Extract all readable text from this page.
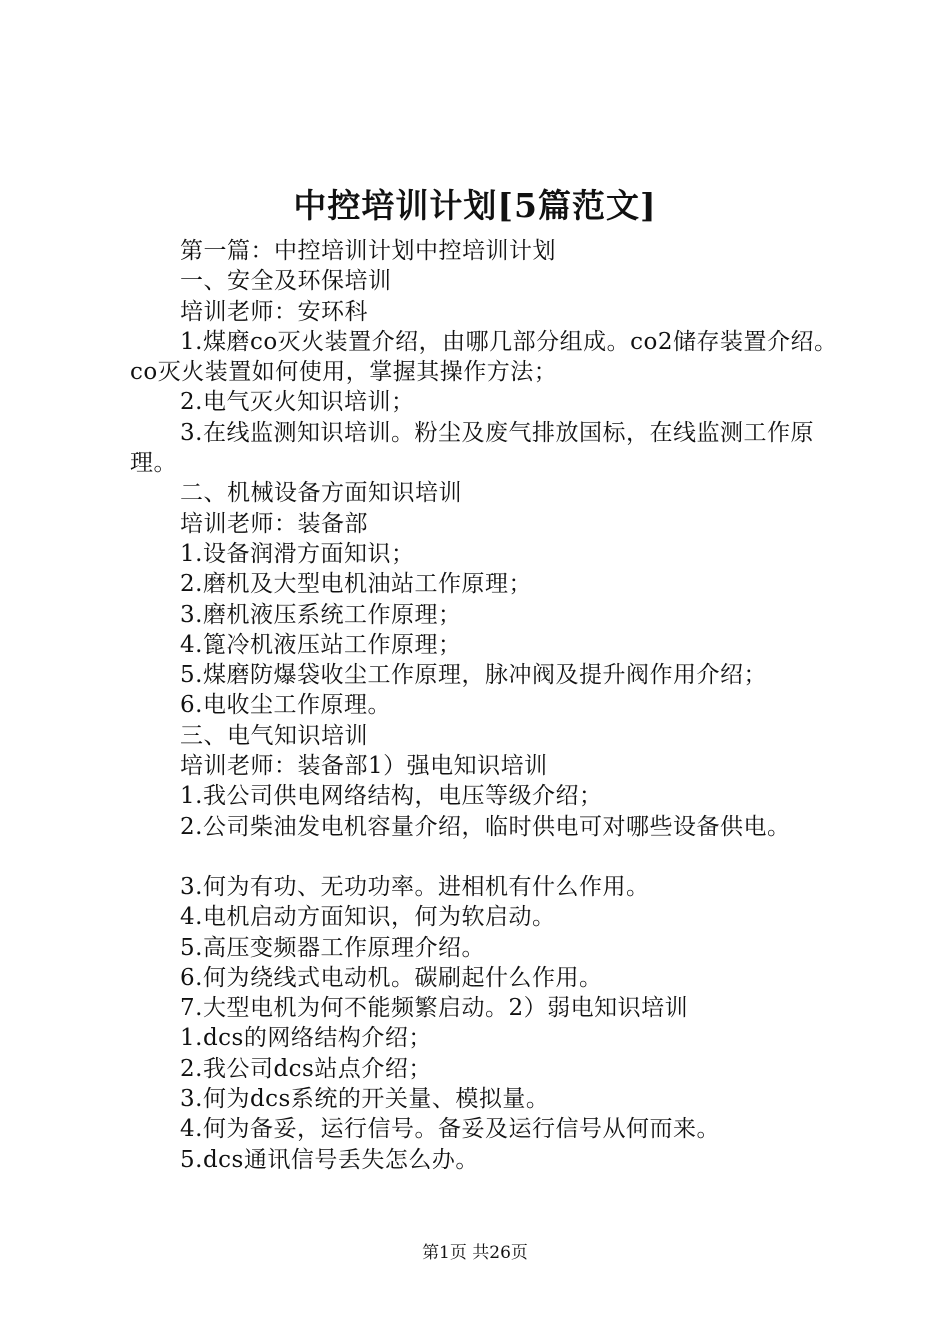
中控培训计划[5篇范文]

第一篇：中控培训计划中控培训计划

一、安全及环保培训

培训老师：安环科

1.煤磨co灭火装置介绍，由哪几部分组成。co2储存装置介绍。co灭火装置如何使用，掌握其操作方法；

2.电气灭火知识培训；

3.在线监测知识培训。粉尘及废气排放国标，在线监测工作原理。

二、机械设备方面知识培训

培训老师：装备部

1.设备润滑方面知识；

2.磨机及大型电机油站工作原理；

3.磨机液压系统工作原理；

4.篦冷机液压站工作原理；

5.煤磨防爆袋收尘工作原理，脉冲阀及提升阀作用介绍；

6.电收尘工作原理。

三、电气知识培训

培训老师：装备部1）强电知识培训

1.我公司供电网络结构，电压等级介绍；

2.公司柴油发电机容量介绍，临时供电可对哪些设备供电。

3.何为有功、无功功率。进相机有什么作用。

4.电机启动方面知识，何为软启动。

5.高压变频器工作原理介绍。

6.何为绕线式电动机。碳刷起什么作用。

7.大型电机为何不能频繁启动。2）弱电知识培训

1.dcs的网络结构介绍；

2.我公司dcs站点介绍；

3.何为dcs系统的开关量、模拟量。

4.何为备妥，运行信号。备妥及运行信号从何而来。

5.dcs通讯信号丢失怎么办。

第1页 共26页
